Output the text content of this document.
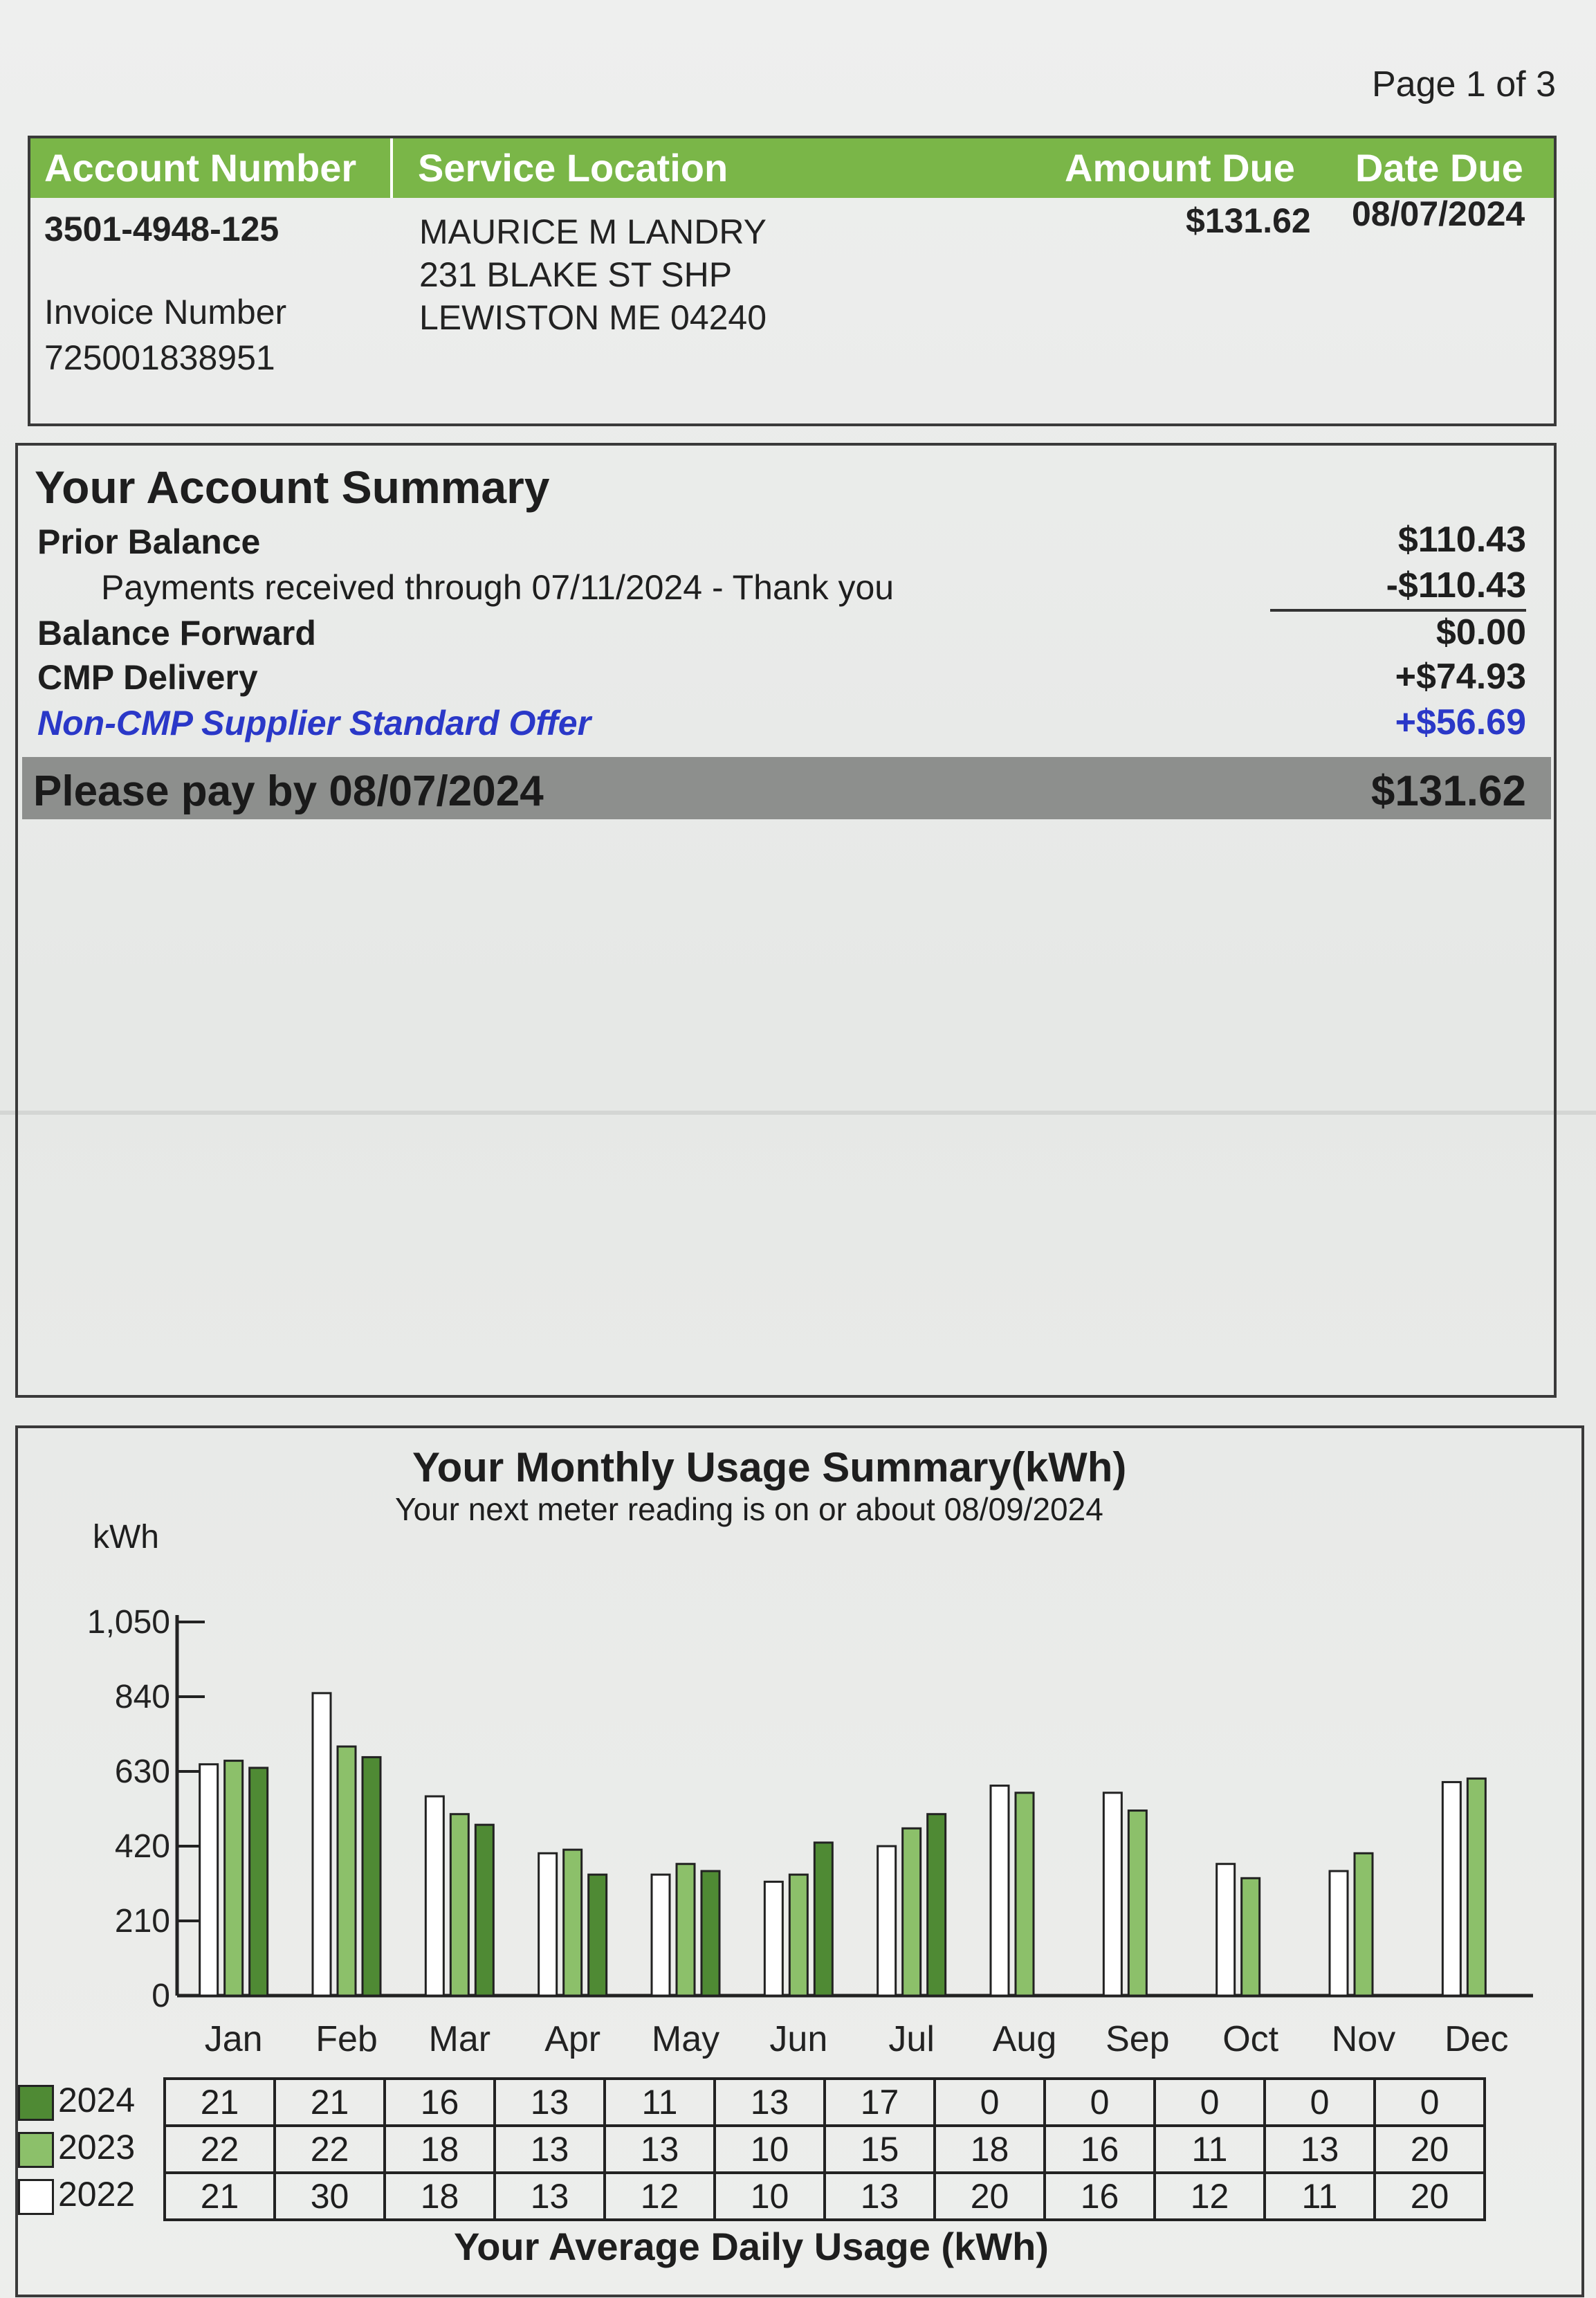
Page 1 of 3
Account Number Service Location	Amount Due Date Due
3501-4948-125
Invoice Number
725001838951
MAURICE M LANDRY
231 BLAKE ST SHP
LEWISTON ME 04240
$131.62 08/07/2024
Your Account Summary
Prior Balance	$110.43
Payments received through 07/11/2024 - Thank you	-$110.43
Balance Forward	$0.00
CMP Delivery	+$74.93
Non-CMP Supplier Standard Offer	+$56.69
Please pay by 08/07/2024	$131.62
Your Monthly Usage Summary(kWh)
Your next meter reading is on or about 08/09/2024
kWh
0
210
420
630
840
1,050
Jan Feb Mar Apr May Jun Jul Aug Sep Oct Nov Dec
2024
2023
2022
21	21	16	13	11	13	17	0	0	0	0	0
22	22	18	13	13	10	15	18	16	11	13	20
21	30	18	13	12	10	13	20	16	12	11	20
Your Average Daily Usage (kWh)
